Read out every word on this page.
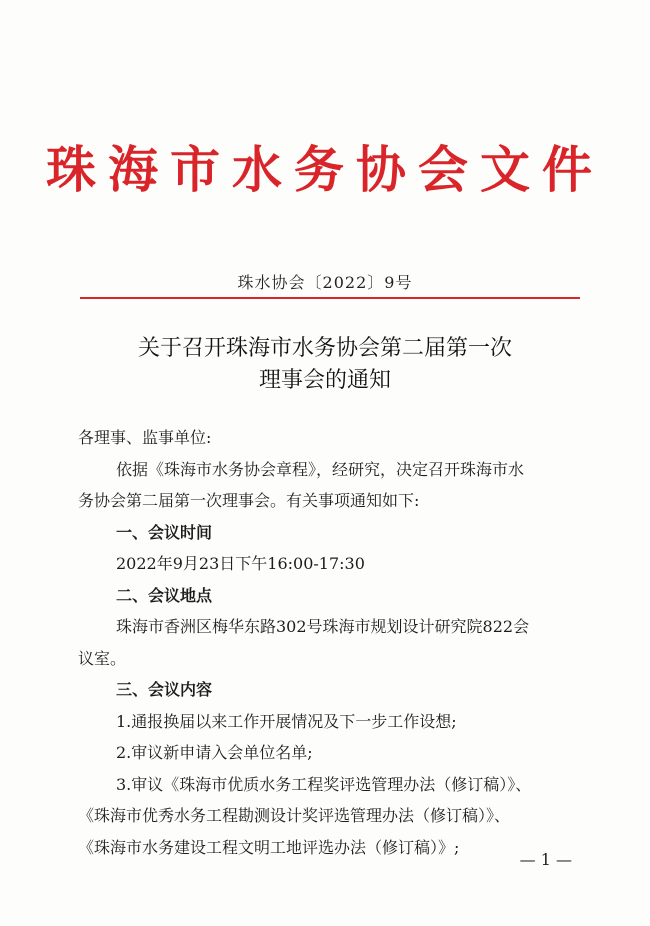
珠海市水务协会文件
珠水协会〔2022〕9号
关于召开珠海市水务协会第二届第一次
理事会的通知
各理事、监事单位:
依据《珠海市水务协会章程》，经研究，决定召开珠海市水
务协会第二届第一次理事会。有关事项通知如下:
一、会议时间
2022年9月23日下午16:00-17:30
二、会议地点
珠海市香洲区梅华东路302号珠海市规划设计研究院822会
议室。
三、会议内容
1.通报换届以来工作开展情况及下一步工作设想;
2.审议新申请入会单位名单;
3.审议《珠海市优质水务工程奖评选管理办法（修订稿）》、
《珠海市优秀水务工程勘测设计奖评选管理办法（修订稿）》、
《珠海市水务建设工程文明工地评选办法（修订稿）》;
— 1 —
